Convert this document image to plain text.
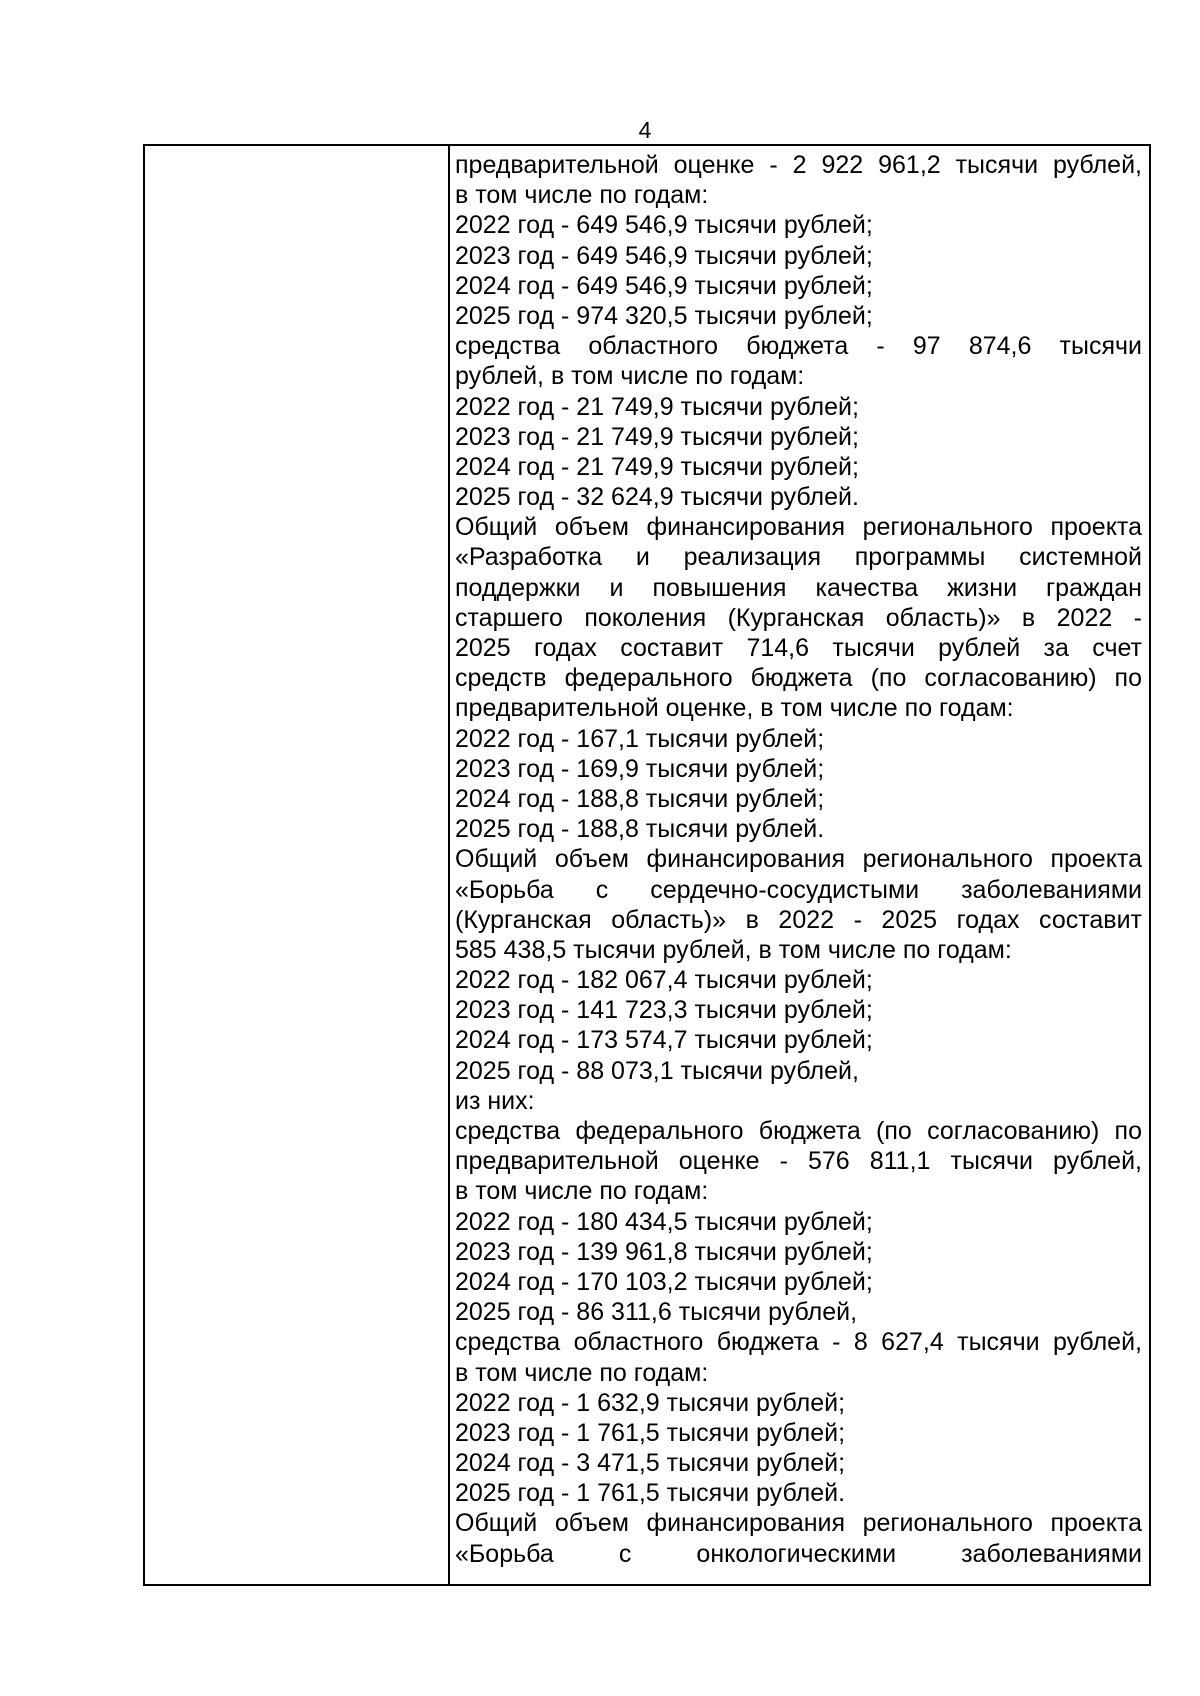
4
предварительной оценке - 2 922 961,2 тысячи рублей,
в том числе по годам:
2022 год - 649 546,9 тысячи рублей;
2023 год - 649 546,9 тысячи рублей;
2024 год - 649 546,9 тысячи рублей;
2025 год - 974 320,5 тысячи рублей;
средства областного бюджета - 97 874,6 тысячи
рублей, в том числе по годам:
2022 год - 21 749,9 тысячи рублей;
2023 год - 21 749,9 тысячи рублей;
2024 год - 21 749,9 тысячи рублей;
2025 год - 32 624,9 тысячи рублей.
Общий объем финансирования регионального проекта
«Разработка и реализация программы системной
поддержки и повышения качества жизни граждан
старшего поколения (Курганская область)» в 2022 -
2025 годах составит 714,6 тысячи рублей за счет
средств федерального бюджета (по согласованию) по
предварительной оценке, в том числе по годам:
2022 год - 167,1 тысячи рублей;
2023 год - 169,9 тысячи рублей;
2024 год - 188,8 тысячи рублей;
2025 год - 188,8 тысячи рублей.
Общий объем финансирования регионального проекта
«Борьба с сердечно-сосудистыми заболеваниями
(Курганская область)» в 2022 - 2025 годах составит
585 438,5 тысячи рублей, в том числе по годам:
2022 год - 182 067,4 тысячи рублей;
2023 год - 141 723,3 тысячи рублей;
2024 год - 173 574,7 тысячи рублей;
2025 год - 88 073,1 тысячи рублей,
из них:
средства федерального бюджета (по согласованию) по
предварительной оценке - 576 811,1 тысячи рублей,
в том числе по годам:
2022 год - 180 434,5 тысячи рублей;
2023 год - 139 961,8 тысячи рублей;
2024 год - 170 103,2 тысячи рублей;
2025 год - 86 311,6 тысячи рублей,
средства областного бюджета - 8 627,4 тысячи рублей,
в том числе по годам:
2022 год - 1 632,9 тысячи рублей;
2023 год - 1 761,5 тысячи рублей;
2024 год - 3 471,5 тысячи рублей;
2025 год - 1 761,5 тысячи рублей.
Общий объем финансирования регионального проекта
«Борьба с онкологическими заболеваниями
